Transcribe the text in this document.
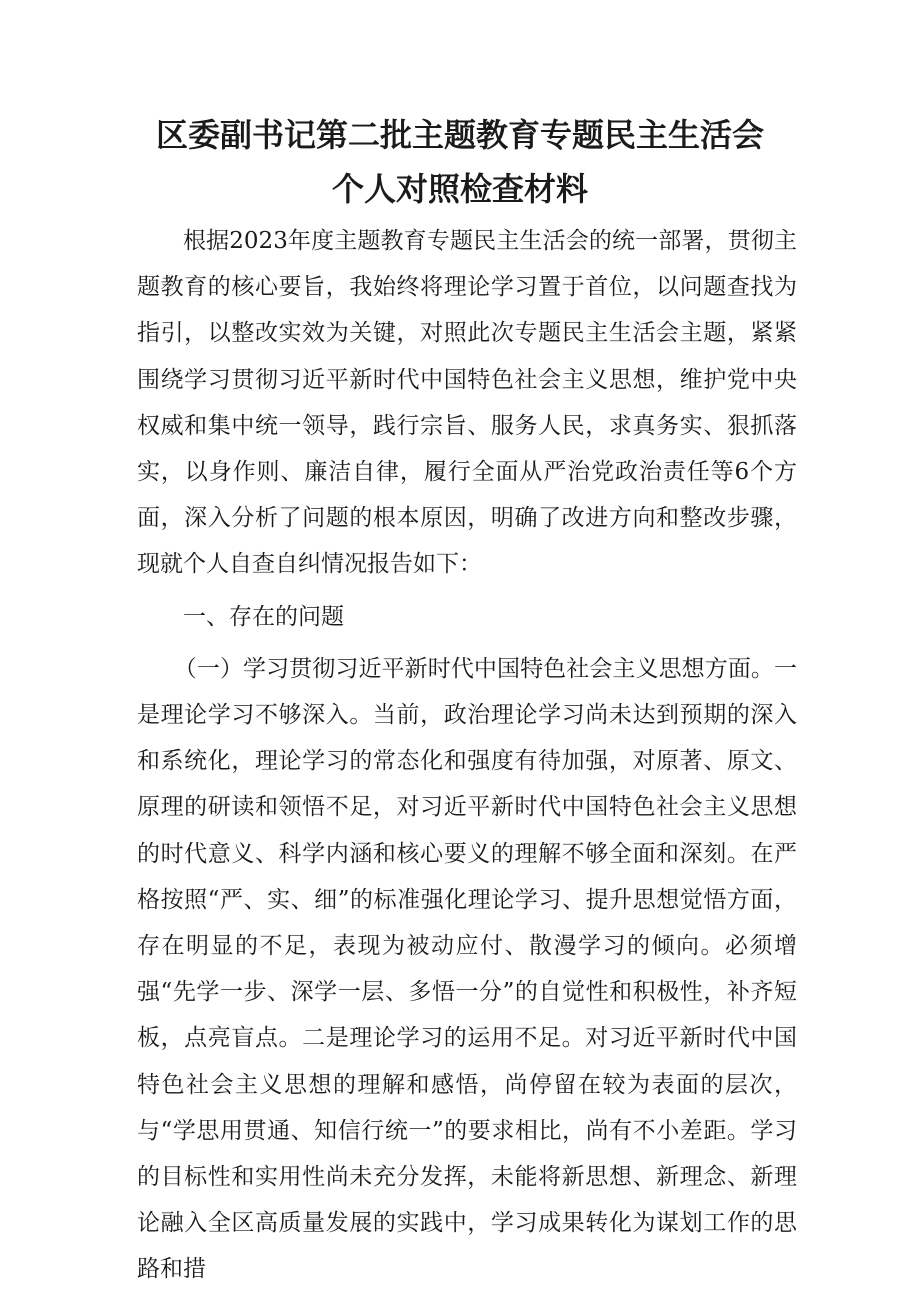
区委副书记第二批主题教育专题民主生活会
个人对照检查材料

根据2023年度主题教育专题民主生活会的统一部署，贯彻主题教育的核心要旨，我始终将理论学习置于首位，以问题查找为指引，以整改实效为关键，对照此次专题民主生活会主题，紧紧围绕学习贯彻习近平新时代中国特色社会主义思想，维护党中央权威和集中统一领导，践行宗旨、服务人民，求真务实、狠抓落实，以身作则、廉洁自律，履行全面从严治党政治责任等6个方面，深入分析了问题的根本原因，明确了改进方向和整改步骤，现就个人自查自纠情况报告如下：

一、存在的问题

（一）学习贯彻习近平新时代中国特色社会主义思想方面。一是理论学习不够深入。当前，政治理论学习尚未达到预期的深入和系统化，理论学习的常态化和强度有待加强，对原著、原文、原理的研读和领悟不足，对习近平新时代中国特色社会主义思想的时代意义、科学内涵和核心要义的理解不够全面和深刻。在严格按照“严、实、细”的标准强化理论学习、提升思想觉悟方面，存在明显的不足，表现为被动应付、散漫学习的倾向。必须增强“先学一步、深学一层、多悟一分”的自觉性和积极性，补齐短板，点亮盲点。二是理论学习的运用不足。对习近平新时代中国特色社会主义思想的理解和感悟，尚停留在较为表面的层次，与“学思用贯通、知信行统一”的要求相比，尚有不小差距。学习的目标性和实用性尚未充分发挥，未能将新思想、新理念、新理论融入全区高质量发展的实践中，学习成果转化为谋划工作的思路和措
